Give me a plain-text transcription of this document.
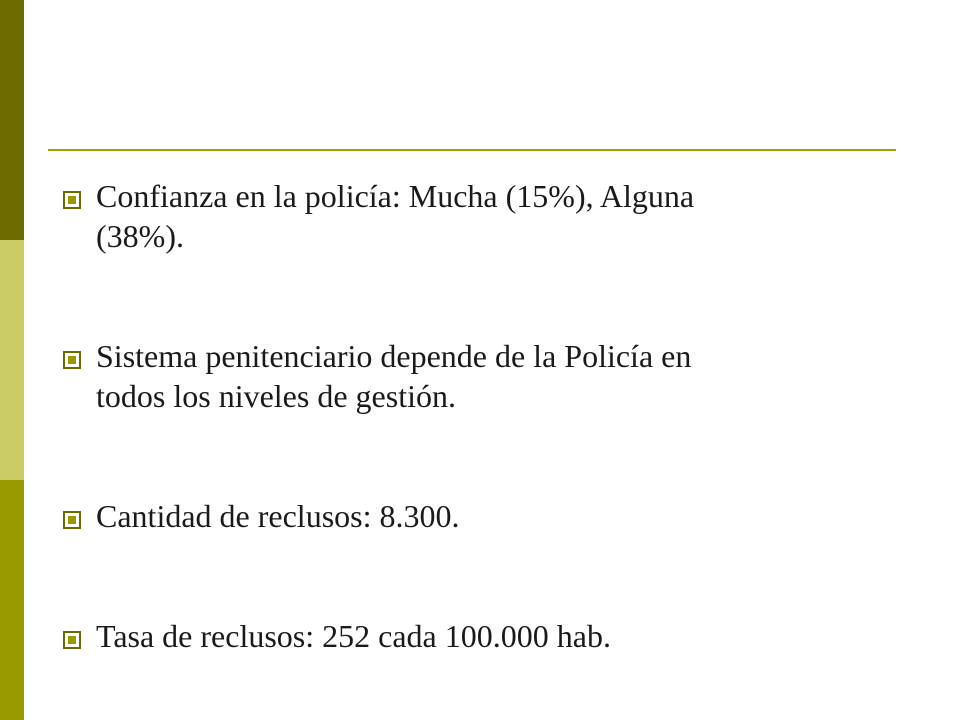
Confianza en la policía: Mucha (15%), Alguna
(38%).
Sistema penitenciario depende de la Policía en
todos los niveles de gestión.
Cantidad de reclusos: 8.300.
Tasa de reclusos: 252 cada 100.000 hab.
